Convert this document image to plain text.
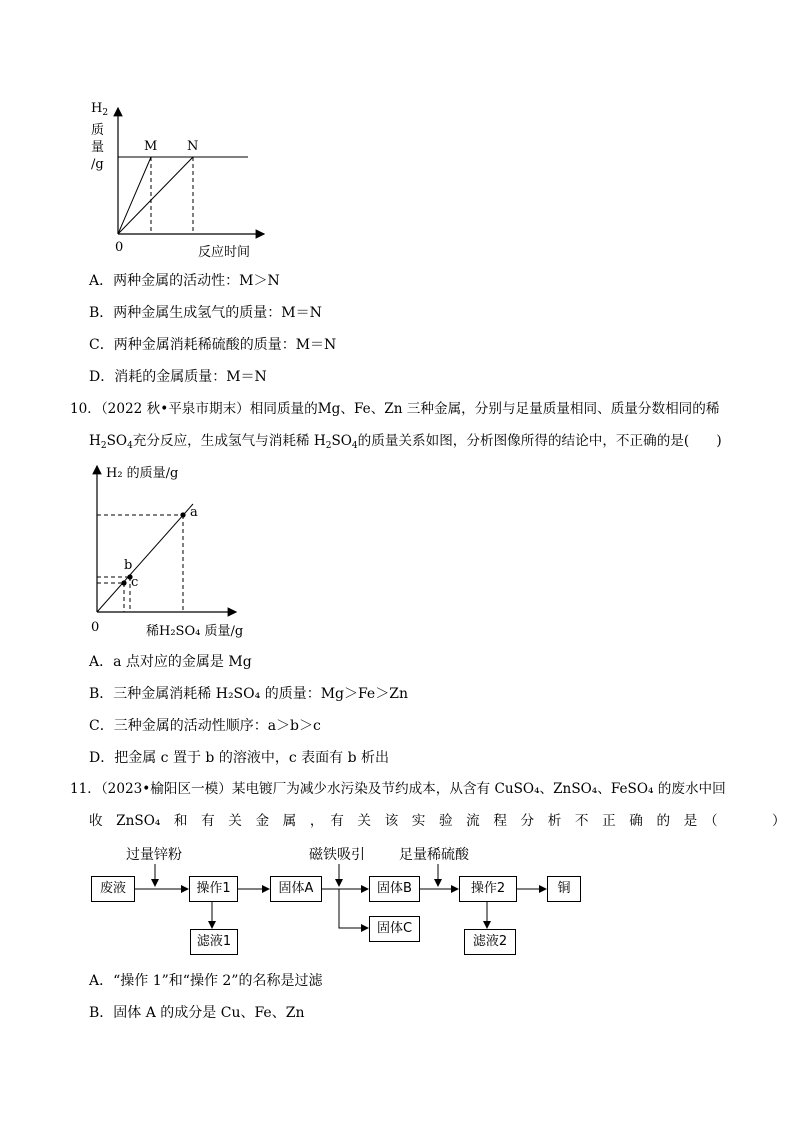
$H_2$
质
量
/g
M N
0	反应时间
A．两种金属的活动性：M＞N
B．两种金属生成氢气的质量：M＝N
C．两种金属消耗稀硫酸的质量：M＝N
D．消耗的金属质量：M＝N
10．（2022 秋•平泉市期末）相同质量的Mg、Fe、Zn 三种金属，分别与足量质量相同、质量分数相同的稀
$H_2SO_4$充分反应，生成氢气与消耗稀 $H_2SO_4$的质量关系如图，分析图像所得的结论中，不正确的是(　　)
H₂ 的质量/g
a
b
c
0	稀H₂SO₄ 质量/g
A．a 点对应的金属是 Mg
B．三种金属消耗稀 H₂SO₄ 的质量：Mg＞Fe＞Zn
C．三种金属的活动性顺序：a＞b＞c
D．把金属 c 置于 b 的溶液中，c 表面有 b 析出
11．（2023•榆阳区一模）某电镀厂为减少水污染及节约成本，从含有 CuSO₄、ZnSO₄、FeSO₄ 的废水中回
收　ZnSO₄　和　有　关　金　属　，　有　关　该　实　验　流　程　分　析　不　正　确　的　是　（　　　　）
过量锌粉	磁铁吸引 足量稀硫酸
废液	操作1	固体A	固体B	操作2	铜
滤液1
固体C
滤液2
A．“操作 1”和“操作 2”的名称是过滤
B．固体 A 的成分是 Cu、Fe、Zn
